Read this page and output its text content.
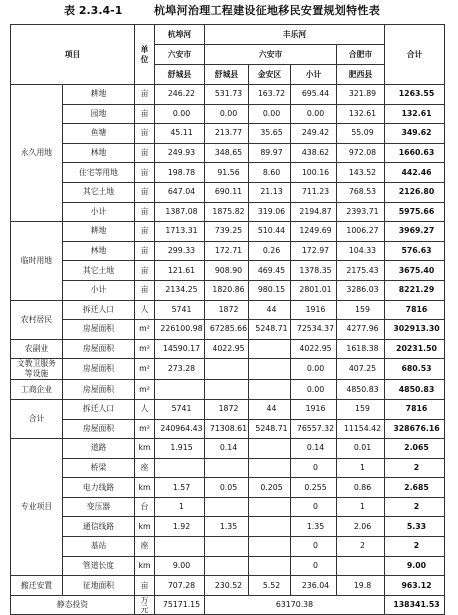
表 2.3.4-1	杭埠河治理工程建设征地移民安置规划特性表
项目		单
位	杭埠河	丰乐河				合计
			六安市	六安市			合肥市	
			舒城县	舒城县	金安区	小计	肥西县	
永久用地	耕地	亩	246.22	531.73	163.72	695.44	321.89	1263.55
	园地	亩	0.00	0.00	0.00	0.00	132.61	132.61
	鱼塘	亩	45.11	213.77	35.65	249.42	55.09	349.62
	林地	亩	249.93	348.65	89.97	438.62	972.08	1660.63
	住宅等用地	亩	198.78	91.56	8.60	100.16	143.52	442.46
	其它土地	亩	647.04	690.11	21.13	711.23	768.53	2126.80
	小计	亩	1387.08	1875.82	319.06	2194.87	2393.71	5975.66
临时用地	耕地	亩	1713.31	739.25	510.44	1249.69	1006.27	3969.27
	林地	亩	299.33	172.71	0.26	172.97	104.33	576.63
	其它土地	亩	121.61	908.90	469.45	1378.35	2175.43	3675.40
	小计	亩	2134.25	1820.86	980.15	2801.01	3286.03	8221.29
农村居民	拆迁人口	人	5741	1872	44	1916	159	7816
	房屋面积	m²	226100.98	67285.66	5248.71	72534.37	4277.96	302913.30
农副业	房屋面积	m²	14590.17	4022.95		4022.95	1618.38	20231.50
文教卫服务
等设施	房屋面积	m²	273.28			0.00	407.25	680.53
工商企业	房屋面积	m²				0.00	4850.83	4850.83
合计	拆迁人口	人	5741	1872	44	1916	159	7816
	房屋面积	m²	240964.43	71308.61	5248.71	76557.32	11154.42	328676.16
专业项目	道路	km	1.915	0.14		0.14	0.01	2.065
	桥梁	座				0	1	2
	电力线路	km	1.57	0.05	0.205	0.255	0.86	2.685
	变压器	台	1			0	1	2
	通信线路	km	1.92	1.35		1.35	2.06	5.33
	基站	座				0	2	2
	管道长度	km	9.00			0		9.00
搬迁安置	征地面积	亩	707.28	230.52	5.52	236.04	19.8	963.12
静态投资		万
元	75171.15	63170.38				138341.53
